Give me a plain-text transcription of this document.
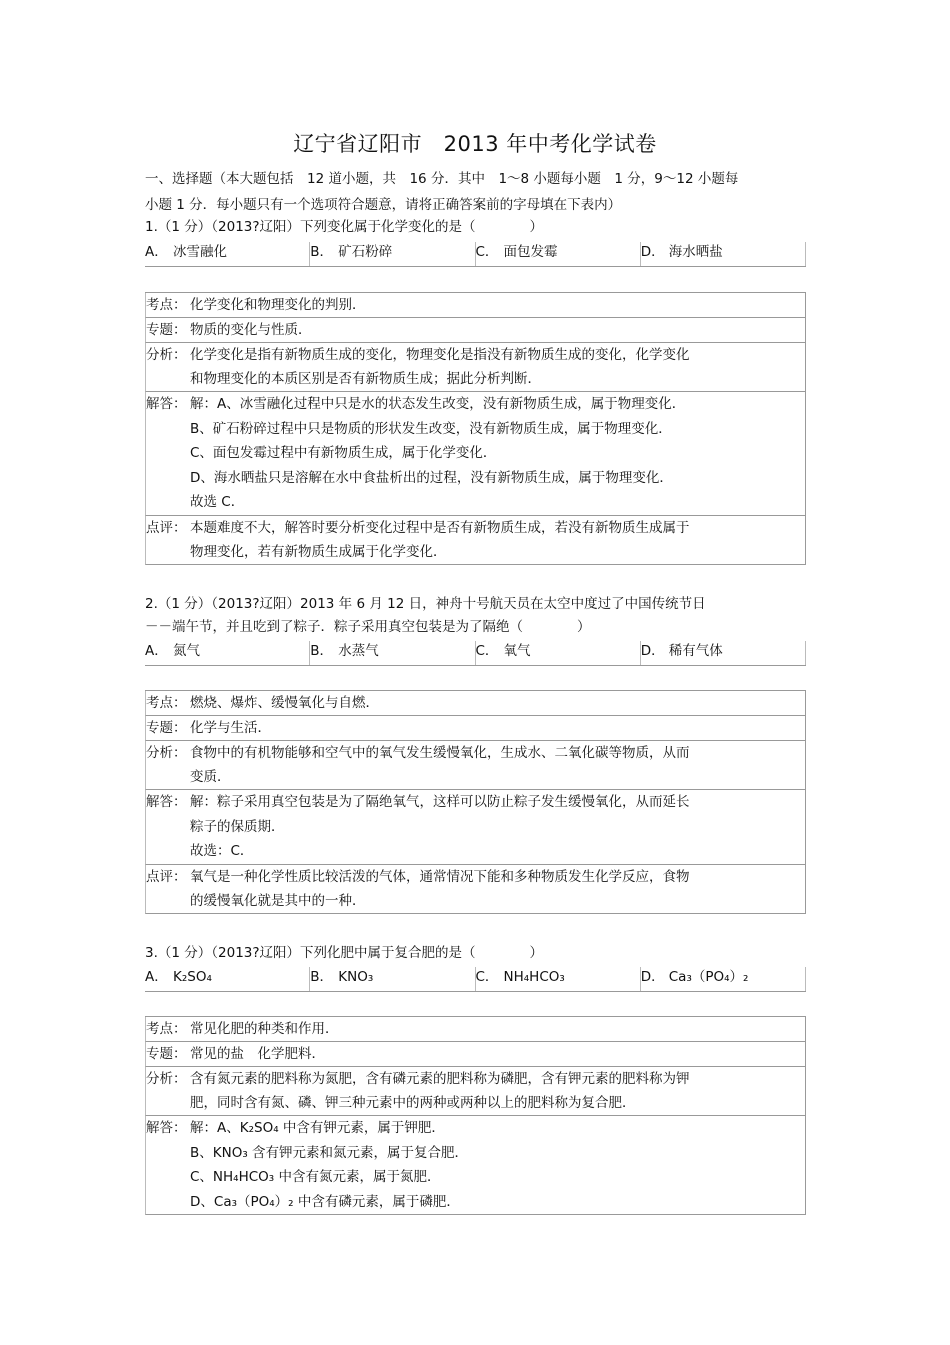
辽宁省辽阳市　2013 年中考化学试卷
一、选择题（本大题包括　12 道小题，共　16 分．其中　1～8 小题每小题　1 分，9～12 小题每
小题 1 分．每小题只有一个选项符合题意，请将正确答案前的字母填在下表内）
1.（1 分）（2013?辽阳）下列变化属于化学变化的是（　　　　）
A． 冰雪融化	B． 矿石粉碎	C． 面包发霉	D． 海水晒盐
考点： 化学变化和物理变化的判别．

专题： 物质的变化与性质．

分析： 化学变化是指有新物质生成的变化，物理变化是指没有新物质生成的变化，化学变化

和物理变化的本质区别是否有新物质生成；据此分析判断．

解答： 解：A、冰雪融化过程中只是水的状态发生改变，没有新物质生成，属于物理变化．

B、矿石粉碎过程中只是物质的形状发生改变，没有新物质生成，属于物理变化．

C、面包发霉过程中有新物质生成，属于化学变化．

D、海水晒盐只是溶解在水中食盐析出的过程，没有新物质生成，属于物理变化．

故选 C．

点评： 本题难度不大，解答时要分析变化过程中是否有新物质生成，若没有新物质生成属于

物理变化，若有新物质生成属于化学变化．

2.（1 分）（2013?辽阳）2013 年 6 月 12 日，神舟十号航天员在太空中度过了中国传统节日
－－端午节，并且吃到了粽子．粽子采用真空包装是为了隔绝（　　　　）
A． 氮气	B． 水蒸气	C． 氧气	D． 稀有气体
考点： 燃烧、爆炸、缓慢氧化与自燃．

专题： 化学与生活．

分析： 食物中的有机物能够和空气中的氧气发生缓慢氧化，生成水、二氧化碳等物质，从而

变质．

解答： 解：粽子采用真空包装是为了隔绝氧气，这样可以防止粽子发生缓慢氧化，从而延长

粽子的保质期．

故选：C．

点评： 氧气是一种化学性质比较活泼的气体，通常情况下能和多种物质发生化学反应，食物

的缓慢氧化就是其中的一种．

3.（1 分）（2013?辽阳）下列化肥中属于复合肥的是（　　　　）
A． K₂SO₄	B． KNO₃	C． NH₄HCO₃	D． Ca₃（PO₄）₂
考点： 常见化肥的种类和作用．

专题： 常见的盐　化学肥料．

分析： 含有氮元素的肥料称为氮肥，含有磷元素的肥料称为磷肥，含有钾元素的肥料称为钾

肥，同时含有氮、磷、钾三种元素中的两种或两种以上的肥料称为复合肥．

解答： 解：A、K₂SO₄ 中含有钾元素，属于钾肥．

B、KNO₃ 含有钾元素和氮元素，属于复合肥．

C、NH₄HCO₃ 中含有氮元素，属于氮肥．

D、Ca₃（PO₄）₂ 中含有磷元素，属于磷肥．
